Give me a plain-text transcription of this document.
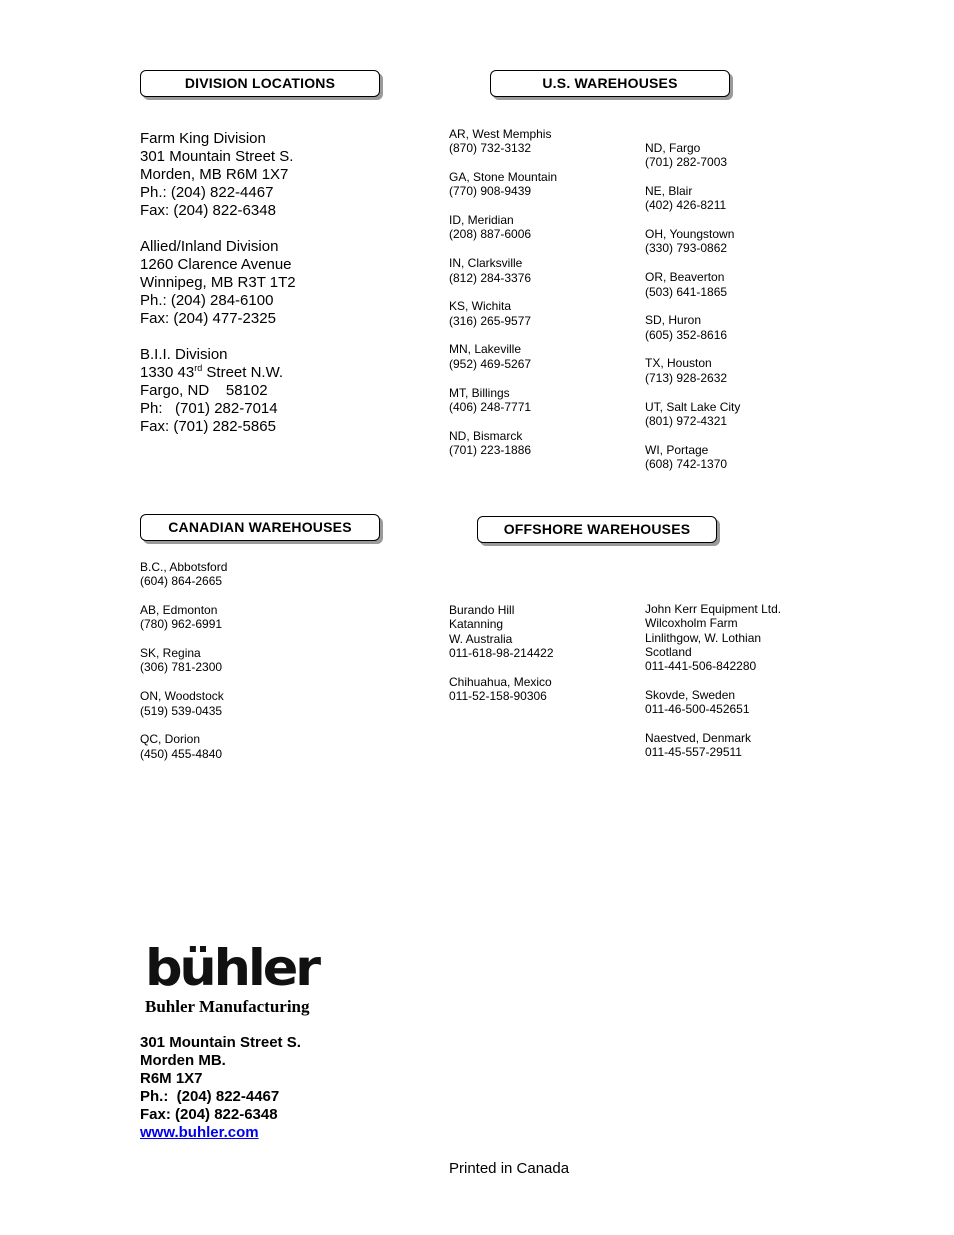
DIVISION LOCATIONS	U.S. WAREHOUSES
CANADIAN WAREHOUSES	OFFSHORE WAREHOUSES
Farm King Division
301 Mountain Street S.
Morden, MB R6M 1X7
Ph.: (204) 822-4467
Fax: (204) 822-6348
Allied/Inland Division
1260 Clarence Avenue
Winnipeg, MB R3T 1T2
Ph.: (204) 284-6100
Fax: (204) 477-2325
B.I.I. Division
1330 43rd Street N.W.
Fargo, ND    58102
Ph:   (701) 282-7014
Fax: (701) 282-5865
AR, West Memphis
(870) 732-3132
GA, Stone Mountain
(770) 908-9439
ID, Meridian
(208) 887-6006
IN, Clarksville
(812) 284-3376
KS, Wichita
(316) 265-9577
MN, Lakeville
(952) 469-5267
MT, Billings
(406) 248-7771
ND, Bismarck
(701) 223-1886
ND, Fargo
(701) 282-7003
NE, Blair
(402) 426-8211
OH, Youngstown
(330) 793-0862
OR, Beaverton
(503) 641-1865
SD, Huron
(605) 352-8616
TX, Houston
(713) 928-2632
UT, Salt Lake City
(801) 972-4321
WI, Portage
(608) 742-1370
B.C., Abbotsford
(604) 864-2665
AB, Edmonton
(780) 962-6991
SK, Regina
(306) 781-2300
ON, Woodstock
(519) 539-0435
QC, Dorion
(450) 455-4840
Burando Hill
Katanning
W. Australia
011-618-98-214422
Chihuahua, Mexico
011-52-158-90306
John Kerr Equipment Ltd.
Wilcoxholm Farm
Linlithgow, W. Lothian
Scotland
011-441-506-842280
Skovde, Sweden
011-46-500-452651
Naestved, Denmark
011-45-557-29511
bühler
Buhler Manufacturing
301 Mountain Street S.
Morden MB.
R6M 1X7
Ph.:  (204) 822-4467
Fax: (204) 822-6348
www.buhler.com
Printed in Canada
